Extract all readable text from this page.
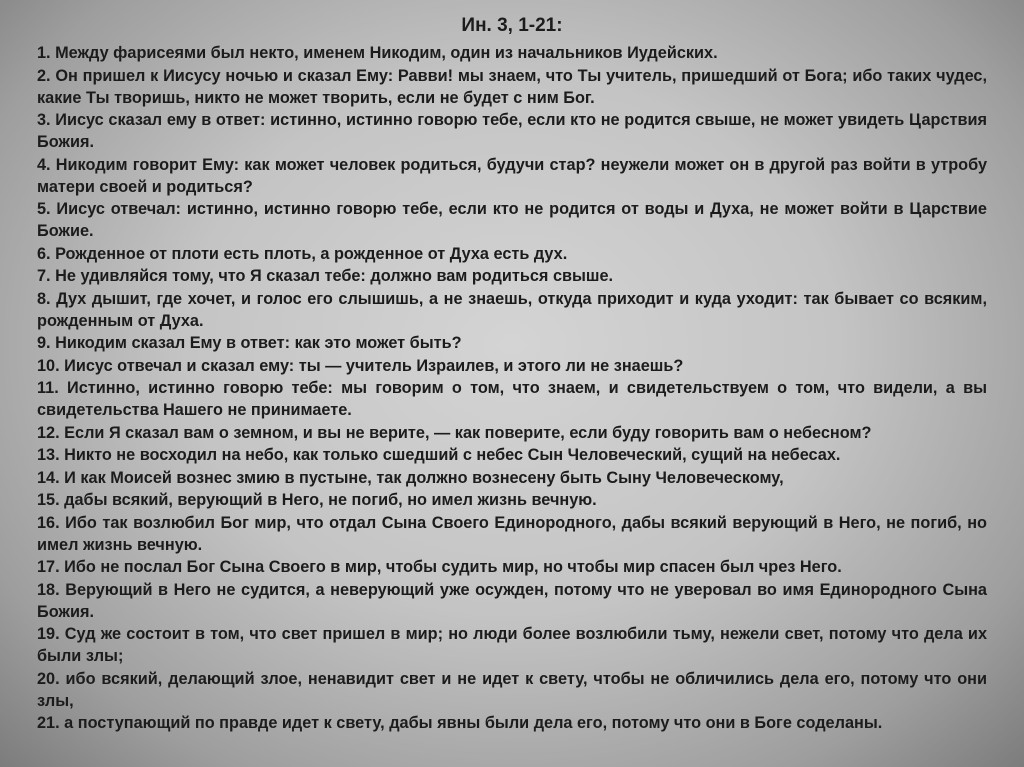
Ин. 3, 1-21:
1. Между фарисеями был некто, именем Никодим, один из начальников Иудейских.
2. Он пришел к Иисусу ночью и сказал Ему: Равви! мы знаем, что Ты учитель, пришедший от Бога; ибо таких чудес, какие Ты творишь, никто не может творить, если не будет с ним Бог.
3. Иисус сказал ему в ответ: истинно, истинно говорю тебе, если кто не родится свыше, не может увидеть Царствия Божия.
4. Никодим говорит Ему: как может человек родиться, будучи стар? неужели может он в другой раз войти в утробу матери своей и родиться?
5. Иисус отвечал: истинно, истинно говорю тебе, если кто не родится от воды и Духа, не может войти в Царствие Божие.
6. Рожденное от плоти есть плоть, а рожденное от Духа есть дух.
7. Не удивляйся тому, что Я сказал тебе: должно вам родиться свыше.
8. Дух дышит, где хочет, и голос его слышишь, а не знаешь, откуда приходит и куда уходит: так бывает со всяким, рожденным от Духа.
9. Никодим сказал Ему в ответ: как это может быть?
10. Иисус отвечал и сказал ему: ты — учитель Израилев, и этого ли не знаешь?
11. Истинно, истинно говорю тебе: мы говорим о том, что знаем, и свидетельствуем о том, что видели, а вы свидетельства Нашего не принимаете.
12. Если Я сказал вам о земном, и вы не верите, — как поверите, если буду говорить вам о небесном?
13. Никто не восходил на небо, как только сшедший с небес Сын Человеческий, сущий на небесах.
14. И как Моисей вознес змию в пустыне, так должно вознесену быть Сыну Человеческому,
15. дабы всякий, верующий в Него, не погиб, но имел жизнь вечную.
16. Ибо так возлюбил Бог мир, что отдал Сына Своего Единородного, дабы всякий верующий в Него, не погиб, но имел жизнь вечную.
17. Ибо не послал Бог Сына Своего в мир, чтобы судить мир, но чтобы мир спасен был чрез Него.
18. Верующий в Него не судится, а неверующий уже осужден, потому что не уверовал во имя Единородного Сына Божия.
19. Суд же состоит в том, что свет пришел в мир; но люди более возлюбили тьму, нежели свет, потому что дела их были злы;
20. ибо всякий, делающий злое, ненавидит свет и не идет к свету, чтобы не обличились дела его, потому что они злы,
21. а поступающий по правде идет к свету, дабы явны были дела его, потому что они в Боге соделаны.
